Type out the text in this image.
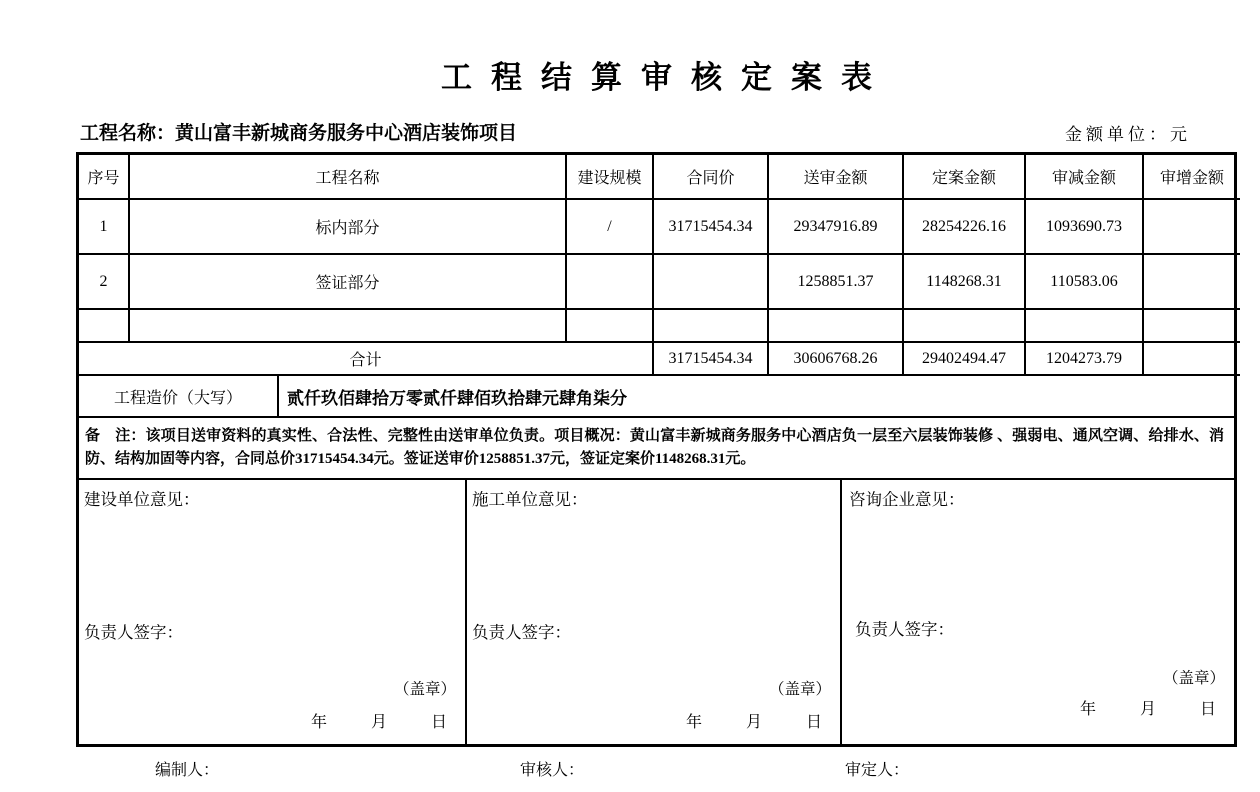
工程结算审核定案表
工程名称：黄山富丰新城商务服务中心酒店装饰项目	金额单位：元
序号	工程名称	建设规模	合同价	送审金额	定案金额	审减金额	审增金额
1	标内部分	/	31715454.34	29347916.89	28254226.16	1093690.73	
2	签证部分			1258851.37	1148268.31	110583.06	

合计			31715454.34	30606768.26	29402494.47	1204273.79	
工程造价（大写）	贰仟玖佰肆拾万零贰仟肆佰玖拾肆元肆角柒分
备　注：该项目送审资料的真实性、合法性、完整性由送审单位负责。项目概况：黄山富丰新城商务服务中心酒店负一层至六层装饰装修 、强弱电、通风空调、给排水、消防、结构加固等内容，合同总价31715454.34元。签证送审价1258851.37元，签证定案价1148268.31元。
建设单位意见：
负责人签字：
（盖章）
年　　月　　日
施工单位意见：
负责人签字：
（盖章）
年　　月　　日
咨询企业意见：
负责人签字：
（盖章）
年　　月　　日
编制人：	审核人：	审定人：
